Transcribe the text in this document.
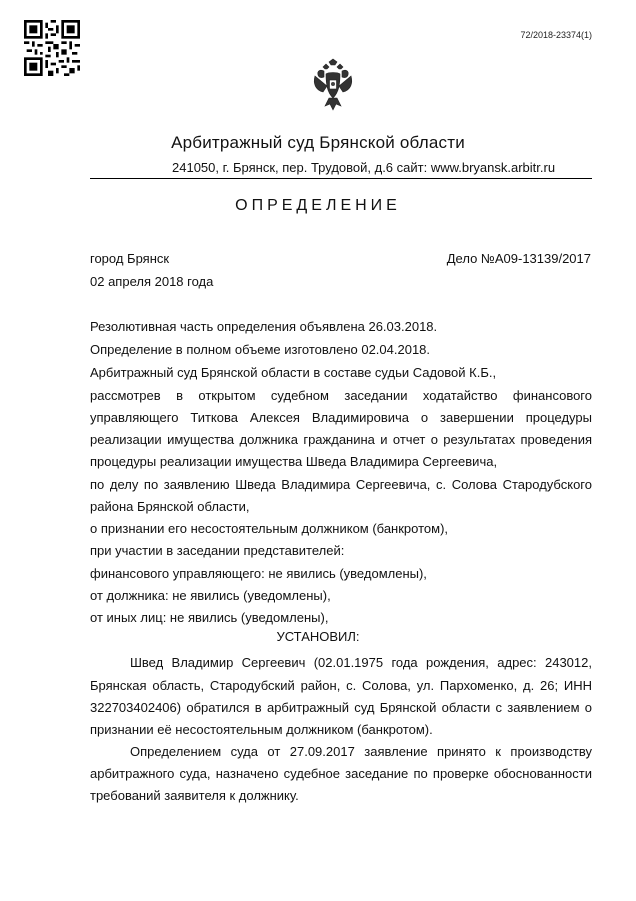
72/2018-23374(1)
Арбитражный суд Брянской области
241050, г. Брянск, пер. Трудовой, д.6 сайт: www.bryansk.arbitr.ru
ОПРЕДЕЛЕНИЕ
город Брянск	Дело №А09-13139/2017
02 апреля 2018 года
Резолютивная часть определения объявлена 26.03.2018.
Определение в полном объеме изготовлено 02.04.2018.
Арбитражный суд Брянской области в составе судьи Садовой К.Б.,
рассмотрев в открытом судебном заседании ходатайство финансового
управляющего Титкова Алексея Владимировича о завершении процедуры
реализации имущества должника гражданина и отчет о результатах проведения
процедуры реализации имущества Шведа Владимира Сергеевича,
по делу по заявлению Шведа Владимира Сергеевича, с. Солова Стародубского
района Брянской области,
о признании его несостоятельным должником (банкротом),
при участии в заседании представителей:
финансового управляющего: не явились (уведомлены),
от должника: не явились (уведомлены),
от иных лиц: не явились (уведомлены),
УСТАНОВИЛ:
Швед Владимир Сергеевич (02.01.1975 года рождения, адрес: 243012,
Брянская область, Стародубский район, с. Солова, ул. Пархоменко, д. 26; ИНН
322703402406) обратился в арбитражный суд Брянской области с заявлением о
признании её несостоятельным должником (банкротом).
Определением суда от 27.09.2017 заявление принято к производству
арбитражного суда, назначено судебное заседание по проверке обоснованности
требований заявителя к должнику.
